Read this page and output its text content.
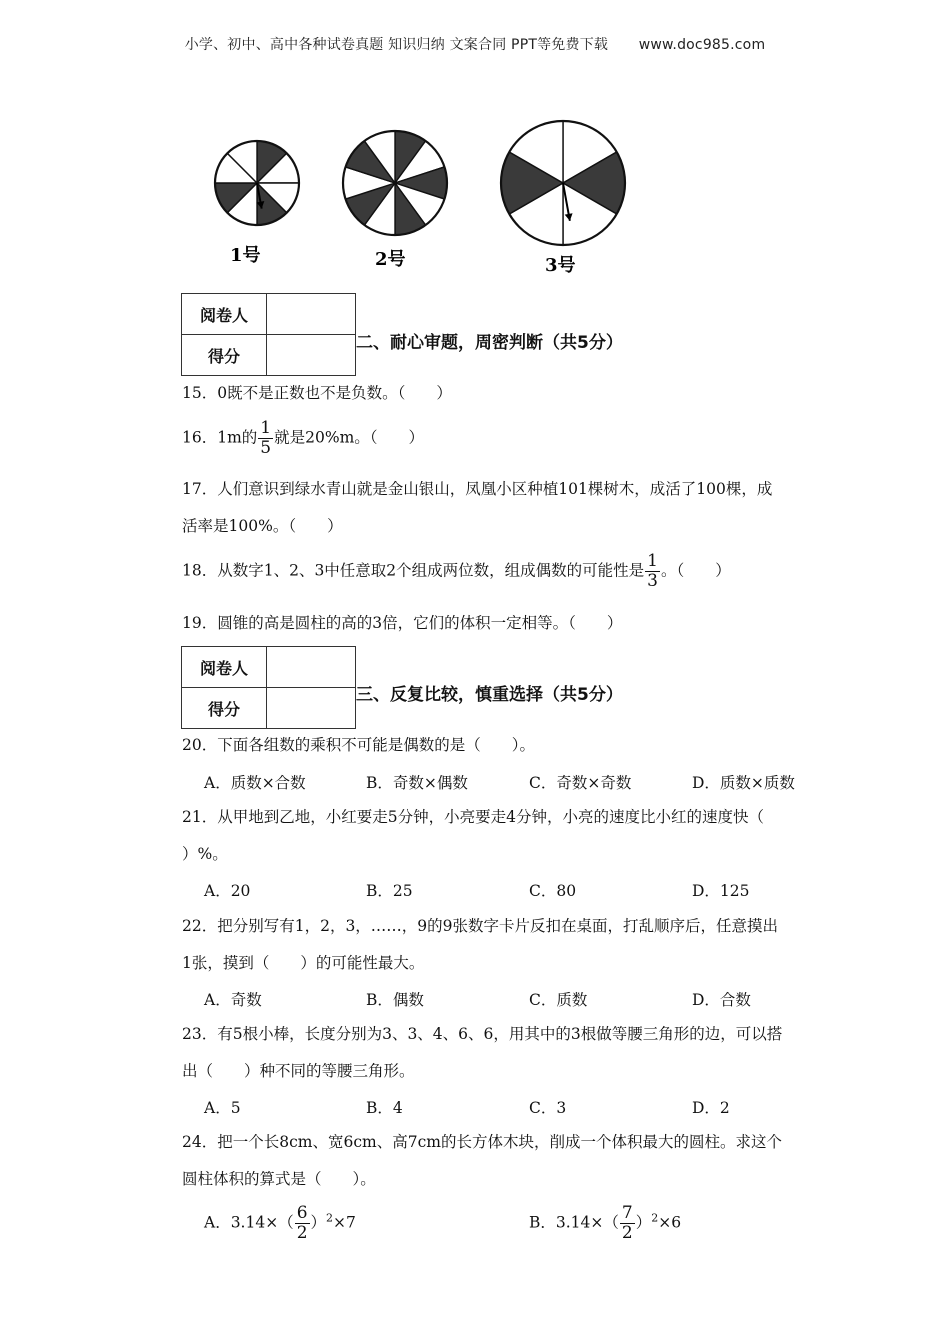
小学、初中、高中各种试卷真题 知识归纳 文案合同 PPT等免费下载 www.doc985.com
1号	2号	3号
阅卷人	
得分	
二、耐心审题，周密判断（共5分）
15．0既不是正数也不是负数。（　　）
16．1m的 $\frac{1}{5}$ 就是20%m。（　　）
17．人们意识到绿水青山就是金山银山，凤凰小区种植101棵树木，成活了100棵，成
活率是100%。（　　）
18．从数字1、2、3中任意取2个组成两位数，组成偶数的可能性是 $\frac{1}{3}$ 。（　　）
19．圆锥的高是圆柱的高的3倍，它们的体积一定相等。（　　）
阅卷人	
得分	
三、反复比较，慎重选择（共5分）
20．下面各组数的乘积不可能是偶数的是（　　）。
A．质数×合数	B．奇数×偶数	C．奇数×奇数	D．质数×质数
21．从甲地到乙地，小红要走5分钟，小亮要走4分钟，小亮的速度比小红的速度快（
）%。
A．20	B．25	C．80	D．125
22．把分别写有1，2，3，……，9的9张数字卡片反扣在桌面，打乱顺序后，任意摸出
1张，摸到（　　）的可能性最大。
A．奇数	B．偶数	C．质数	D．合数
23．有5根小棒，长度分别为3、3、4、6、6，用其中的3根做等腰三角形的边，可以搭
出（　　）种不同的等腰三角形。
A．5	B．4	C．3	D．2
24．把一个长8cm、宽6cm、高7cm的长方体木块，削成一个体积最大的圆柱。求这个
圆柱体积的算式是（　　）。
A．$3.14\times( \frac{6}{2} )^2\times 7$	B．$3.14\times( \frac{7}{2} )^2\times 6$
